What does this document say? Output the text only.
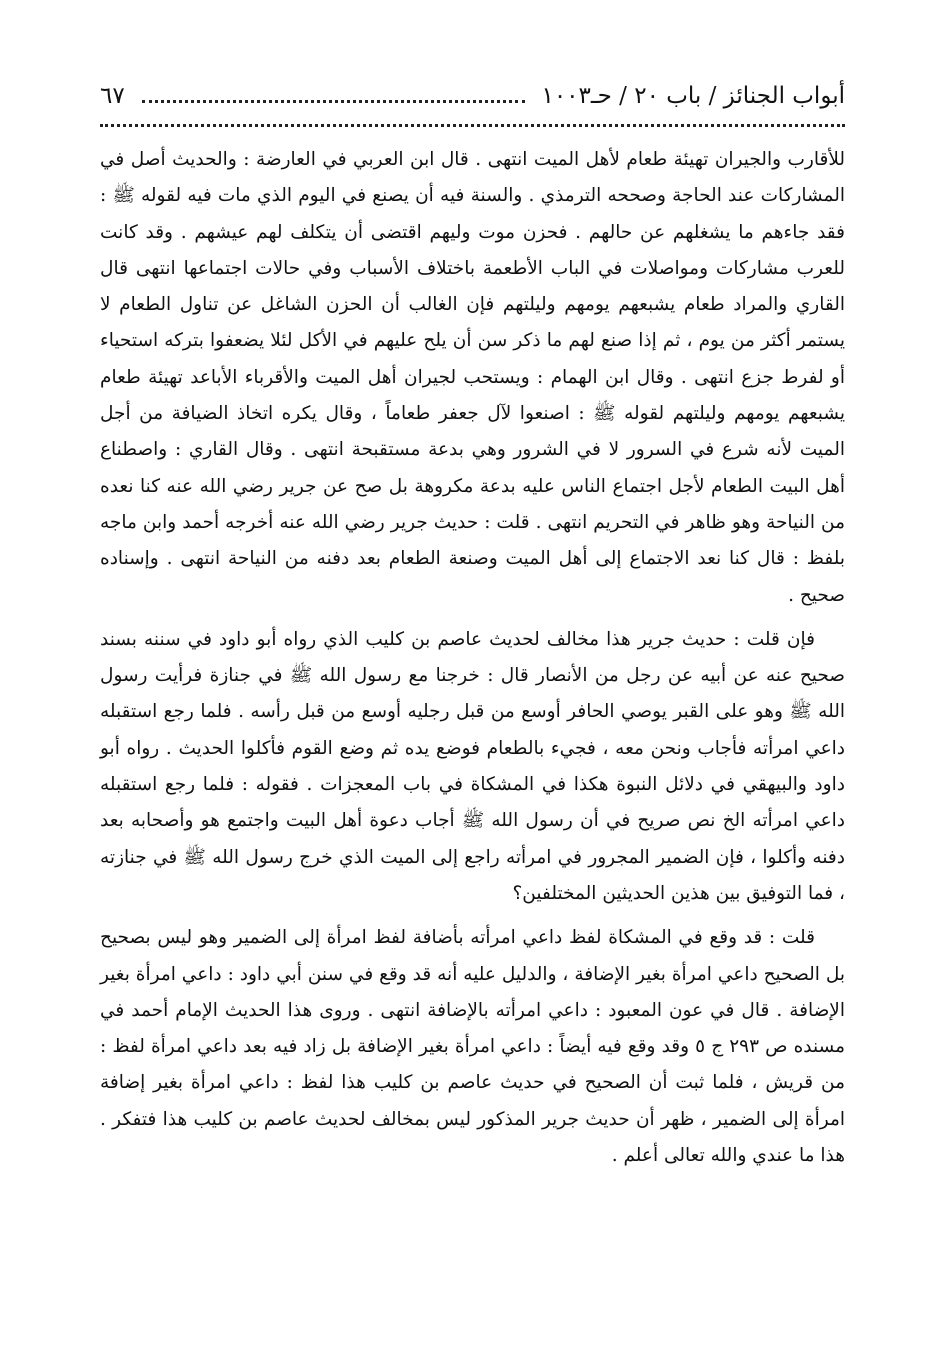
أبواب الجنائز / باب ٢٠ / حـ١٠٠٣
٦٧

للأقارب والجيران تهيئة طعام لأهل الميت انتهى . قال ابن العربي في العارضة : والحديث أصل في المشاركات عند الحاجة وصححه الترمذي . والسنة فيه أن يصنع في اليوم الذي مات فيه لقوله ﷺ : فقد جاءهم ما يشغلهم عن حالهم . فحزن موت وليهم اقتضى أن يتكلف لهم عيشهم . وقد كانت للعرب مشاركات ومواصلات في الباب الأطعمة باختلاف الأسباب وفي حالات اجتماعها انتهى قال القاري والمراد طعام يشبعهم يومهم وليلتهم فإن الغالب أن الحزن الشاغل عن تناول الطعام لا يستمر أكثر من يوم ، ثم إذا صنع لهم ما ذكر سن أن يلح عليهم في الأكل لئلا يضعفوا بتركه استحياء أو لفرط جزع انتهى . وقال ابن الهمام : ويستحب لجيران أهل الميت والأقرباء الأباعد تهيئة طعام يشبعهم يومهم وليلتهم لقوله ﷺ : اصنعوا لآل جعفر طعاماً ، وقال يكره اتخاذ الضيافة من أجل الميت لأنه شرع في السرور لا في الشرور وهي بدعة مستقبحة انتهى . وقال القاري : واصطناع أهل البيت الطعام لأجل اجتماع الناس عليه بدعة مكروهة بل صح عن جرير رضي الله عنه كنا نعده من النياحة وهو ظاهر في التحريم انتهى . قلت : حديث جرير رضي الله عنه أخرجه أحمد وابن ماجه بلفظ : قال كنا نعد الاجتماع إلى أهل الميت وصنعة الطعام بعد دفنه من النياحة انتهى . وإسناده صحيح .

فإن قلت : حديث جرير هذا مخالف لحديث عاصم بن كليب الذي رواه أبو داود في سننه بسند صحيح عنه عن أبيه عن رجل من الأنصار قال : خرجنا مع رسول الله ﷺ في جنازة فرأيت رسول الله ﷺ وهو على القبر يوصي الحافر أوسع من قبل رجليه أوسع من قبل رأسه . فلما رجع استقبله داعي امرأته فأجاب ونحن معه ، فجيء بالطعام فوضع يده ثم وضع القوم فأكلوا الحديث . رواه أبو داود والبيهقي في دلائل النبوة هكذا في المشكاة في باب المعجزات . فقوله : فلما رجع استقبله داعي امرأته الخ نص صريح في أن رسول الله ﷺ أجاب دعوة أهل البيت واجتمع هو وأصحابه بعد دفنه وأكلوا ، فإن الضمير المجرور في امرأته راجع إلى الميت الذي خرج رسول الله ﷺ في جنازته ، فما التوفيق بين هذين الحديثين المختلفين؟

قلت : قد وقع في المشكاة لفظ داعي امرأته بأضافة لفظ امرأة إلى الضمير وهو ليس بصحيح بل الصحيح داعي امرأة بغير الإضافة ، والدليل عليه أنه قد وقع في سنن أبي داود : داعي امرأة بغير الإضافة . قال في عون المعبود : داعي امرأته بالإضافة انتهى . وروى هذا الحديث الإمام أحمد في مسنده ص ٢٩٣ ج ٥ وقد وقع فيه أيضاً : داعي امرأة بغير الإضافة بل زاد فيه بعد داعي امرأة لفظ : من قريش ، فلما ثبت أن الصحيح في حديث عاصم بن كليب هذا لفظ : داعي امرأة بغير إضافة امرأة إلى الضمير ، ظهر أن حديث جرير المذكور ليس بمخالف لحديث عاصم بن كليب هذا فتفكر . هذا ما عندي والله تعالى أعلم .
